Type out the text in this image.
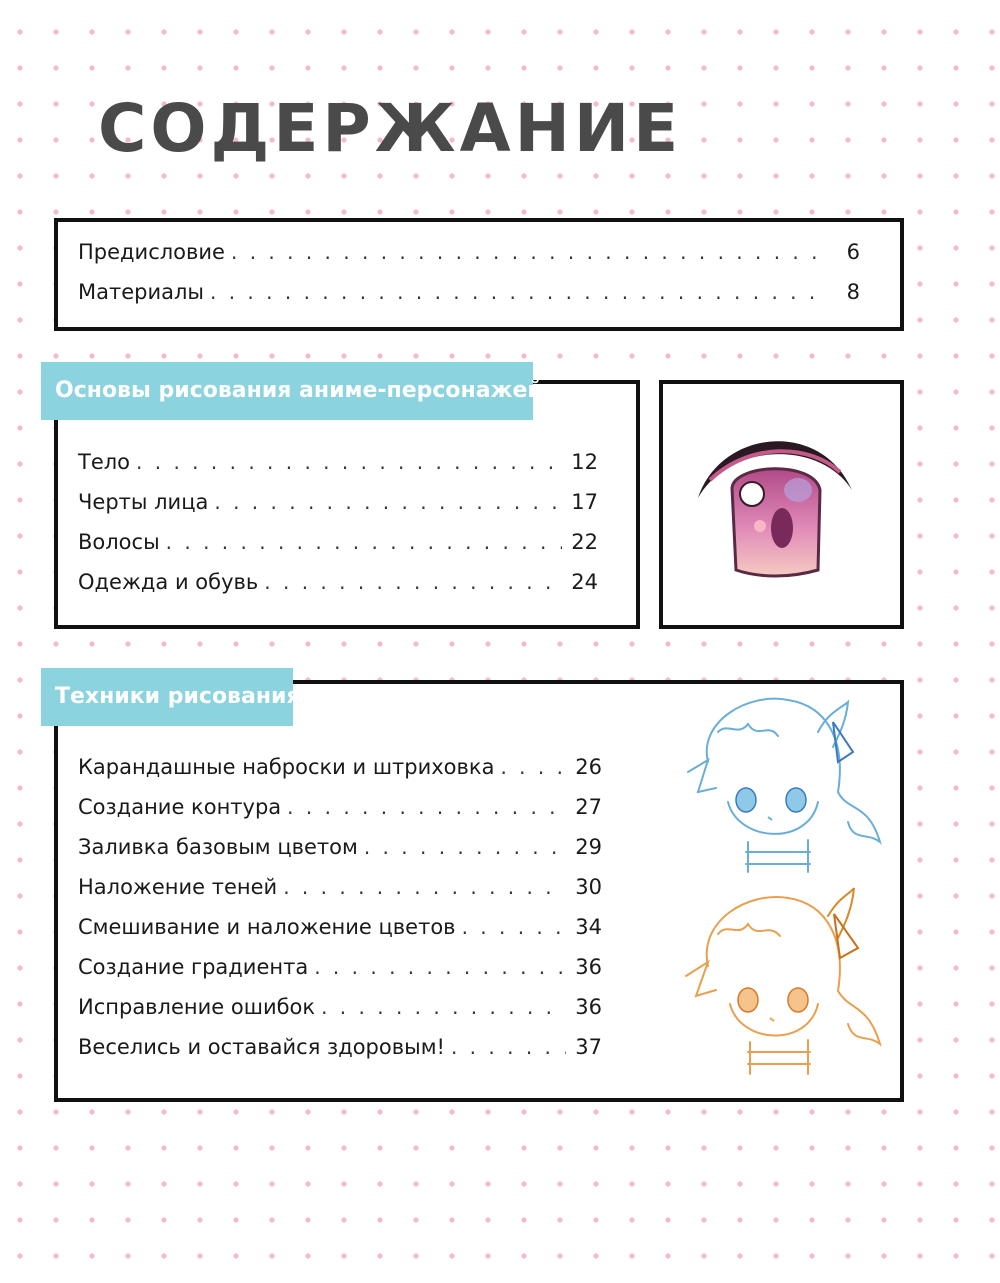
СОДЕРЖАНИЕ
Предисловие . . .	6
Материалы . . .	8
Основы рисования аниме-персонажей
Тело . . .	12
Черты лица . . .	17
Волосы . . .	22
Одежда и обувь . . .	24
Техники рисования
Карандашные наброски и штриховка . . .	26
Создание контура . . .	27
Заливка базовым цветом . . .	29
Наложение теней . . .	30
Смешивание и наложение цветов . . .	34
Создание градиента . . .	36
Исправление ошибок . . .	36
Веселись и оставайся здоровым! . . .	37
